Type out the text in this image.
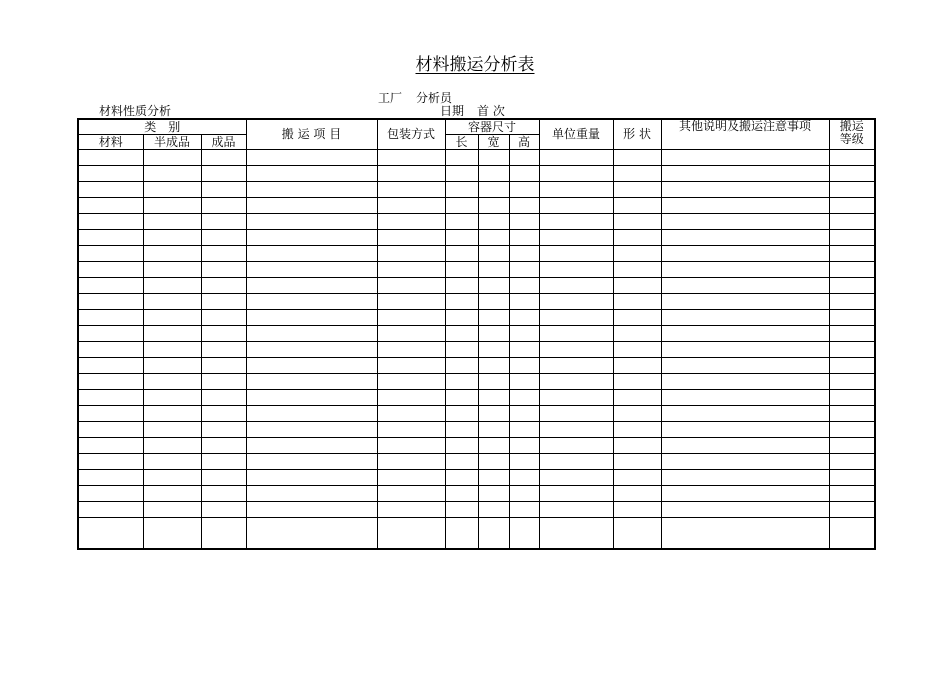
材料搬运分析表
工厂 分析员
材料性质分析	日期 首 次
类　别			搬 运 项 目	包装方式	容器尺寸			单位重量	形 状	其他说明及搬运注意事项	搬运
等级

材料	半成品	成品			长	宽	高				
